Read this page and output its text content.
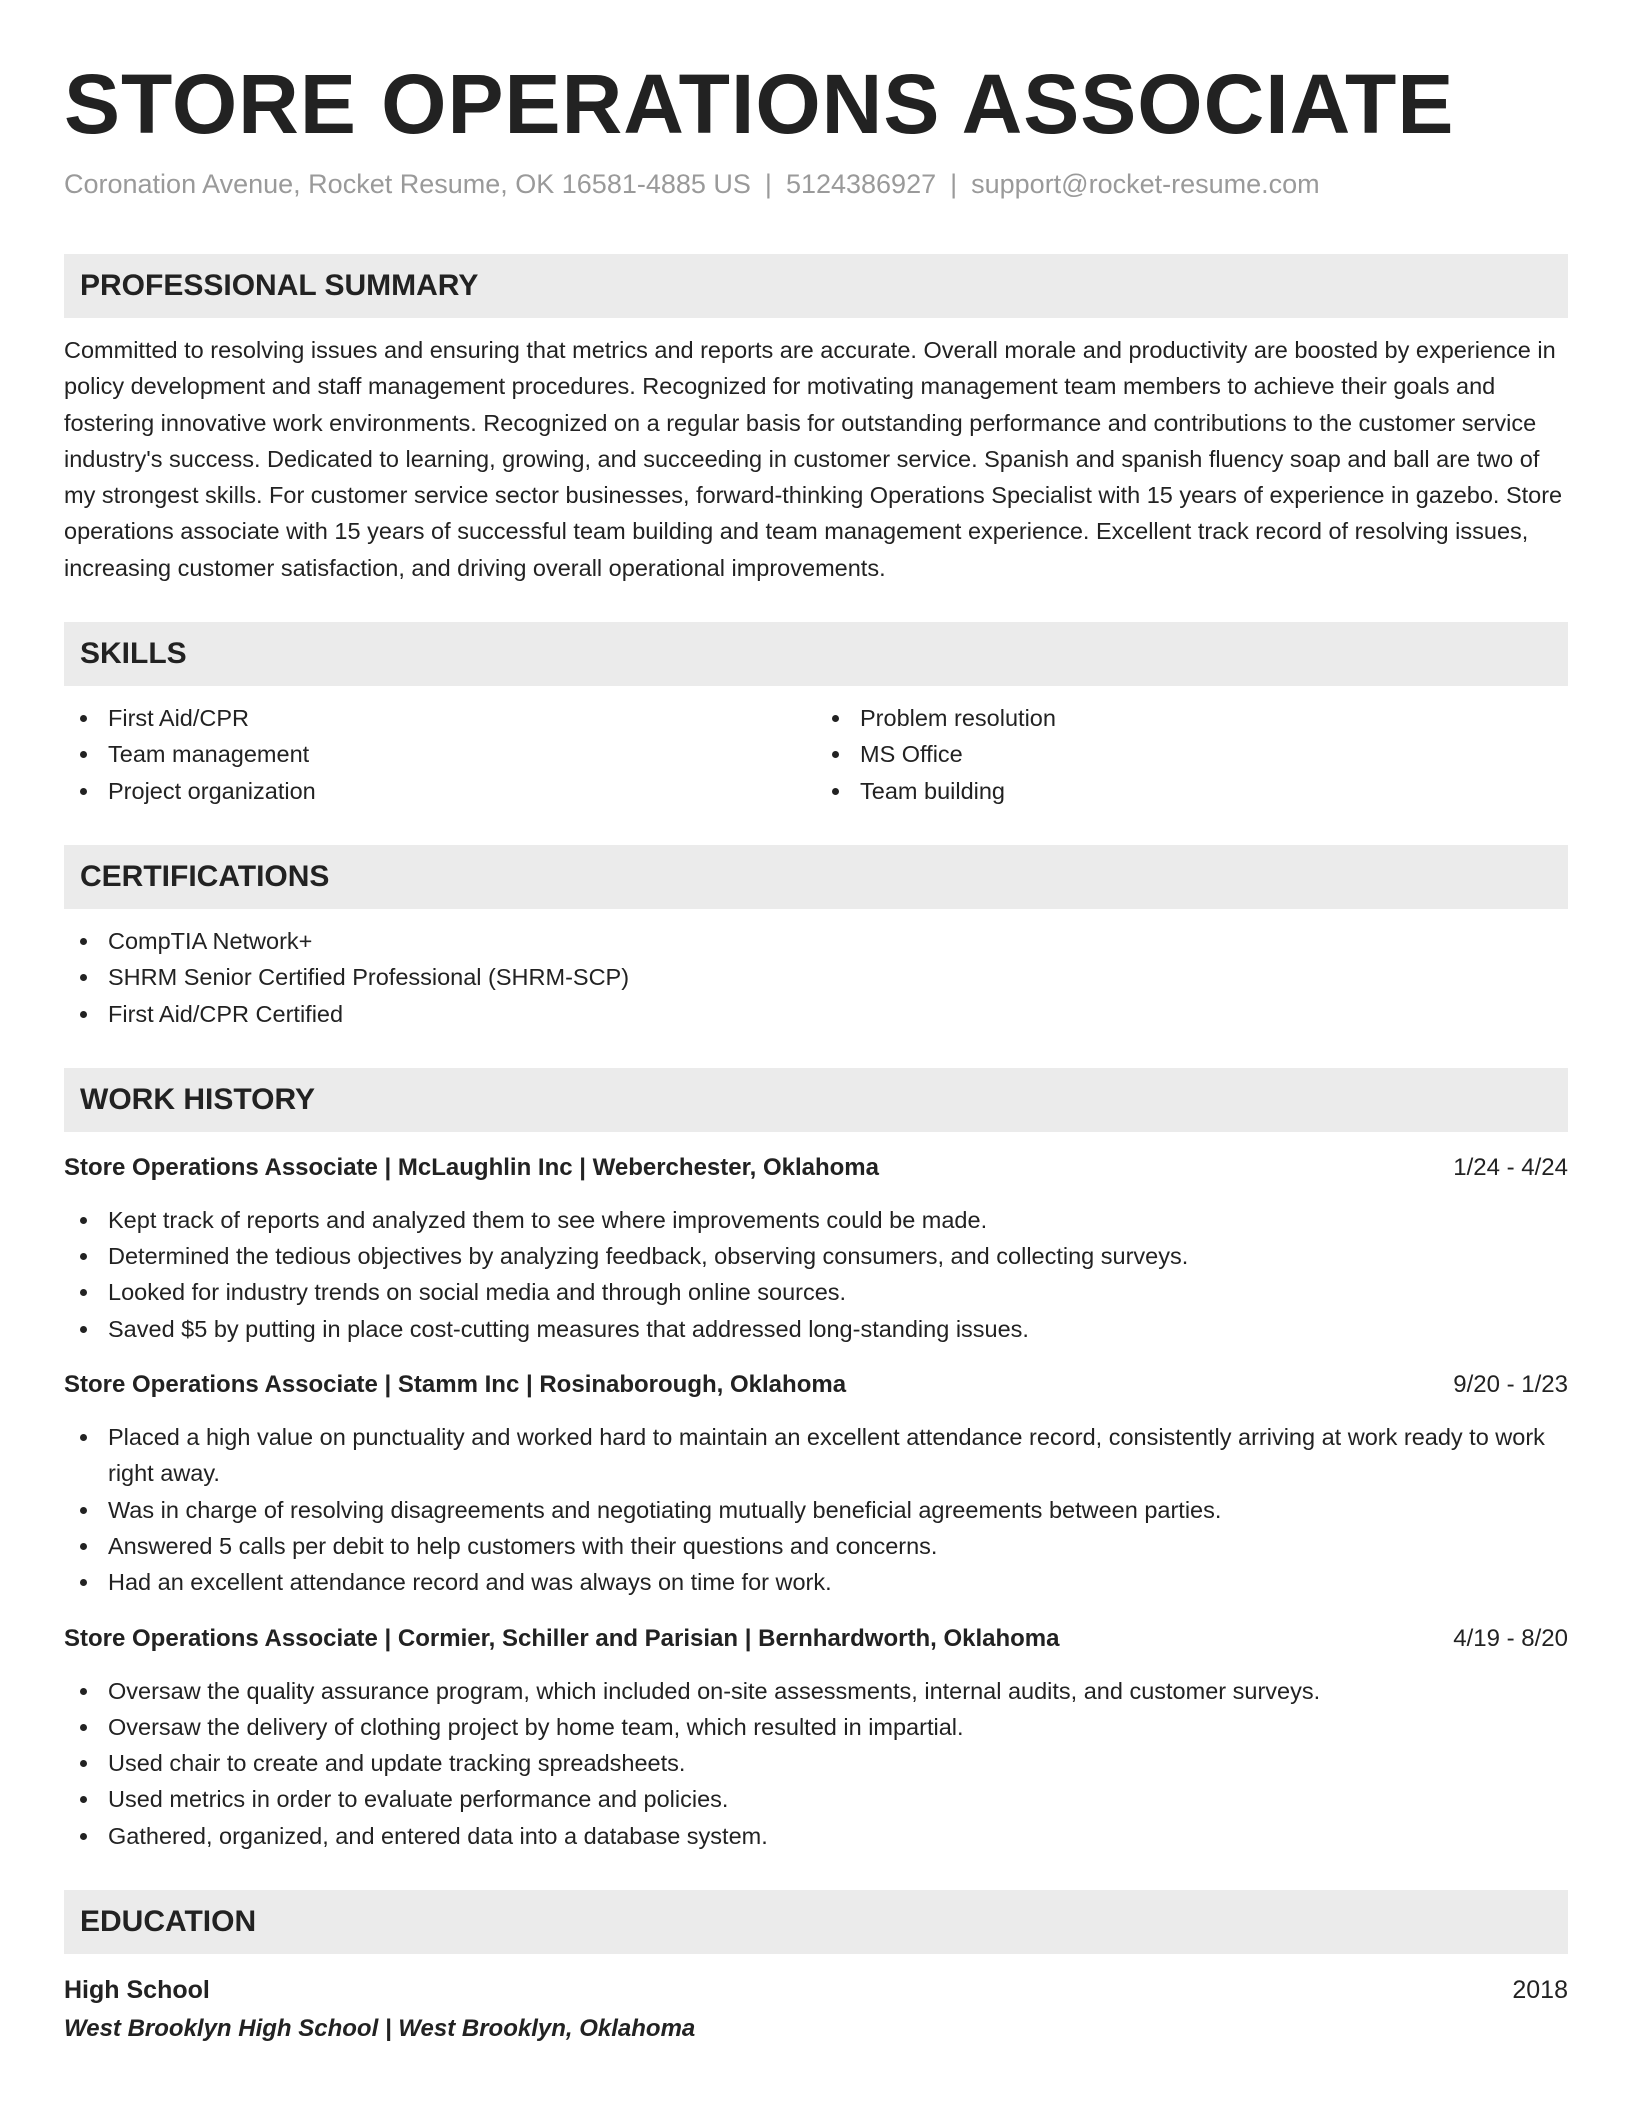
STORE OPERATIONS ASSOCIATE
Coronation Avenue, Rocket Resume, OK 16581-4885 US | 5124386927 | support@rocket-resume.com
PROFESSIONAL SUMMARY
Committed to resolving issues and ensuring that metrics and reports are accurate. Overall morale and productivity are boosted by experience in policy development and staff management procedures. Recognized for motivating management team members to achieve their goals and fostering innovative work environments. Recognized on a regular basis for outstanding performance and contributions to the customer service industry's success. Dedicated to learning, growing, and succeeding in customer service. Spanish and spanish fluency soap and ball are two of my strongest skills. For customer service sector businesses, forward-thinking Operations Specialist with 15 years of experience in gazebo. Store operations associate with 15 years of successful team building and team management experience. Excellent track record of resolving issues, increasing customer satisfaction, and driving overall operational improvements.
SKILLS
First Aid/CPR
Team management
Project organization
Problem resolution
MS Office
Team building
CERTIFICATIONS
CompTIA Network+
SHRM Senior Certified Professional (SHRM-SCP)
First Aid/CPR Certified
WORK HISTORY
Store Operations Associate | McLaughlin Inc | Weberchester, Oklahoma	1/24 - 4/24
Kept track of reports and analyzed them to see where improvements could be made.
Determined the tedious objectives by analyzing feedback, observing consumers, and collecting surveys.
Looked for industry trends on social media and through online sources.
Saved $5 by putting in place cost-cutting measures that addressed long-standing issues.
Store Operations Associate | Stamm Inc | Rosinaborough, Oklahoma	9/20 - 1/23
Placed a high value on punctuality and worked hard to maintain an excellent attendance record, consistently arriving at work ready to work right away.
Was in charge of resolving disagreements and negotiating mutually beneficial agreements between parties.
Answered 5 calls per debit to help customers with their questions and concerns.
Had an excellent attendance record and was always on time for work.
Store Operations Associate | Cormier, Schiller and Parisian | Bernhardworth, Oklahoma	4/19 - 8/20
Oversaw the quality assurance program, which included on-site assessments, internal audits, and customer surveys.
Oversaw the delivery of clothing project by home team, which resulted in impartial.
Used chair to create and update tracking spreadsheets.
Used metrics in order to evaluate performance and policies.
Gathered, organized, and entered data into a database system.
EDUCATION
High School	2018
West Brooklyn High School | West Brooklyn, Oklahoma
